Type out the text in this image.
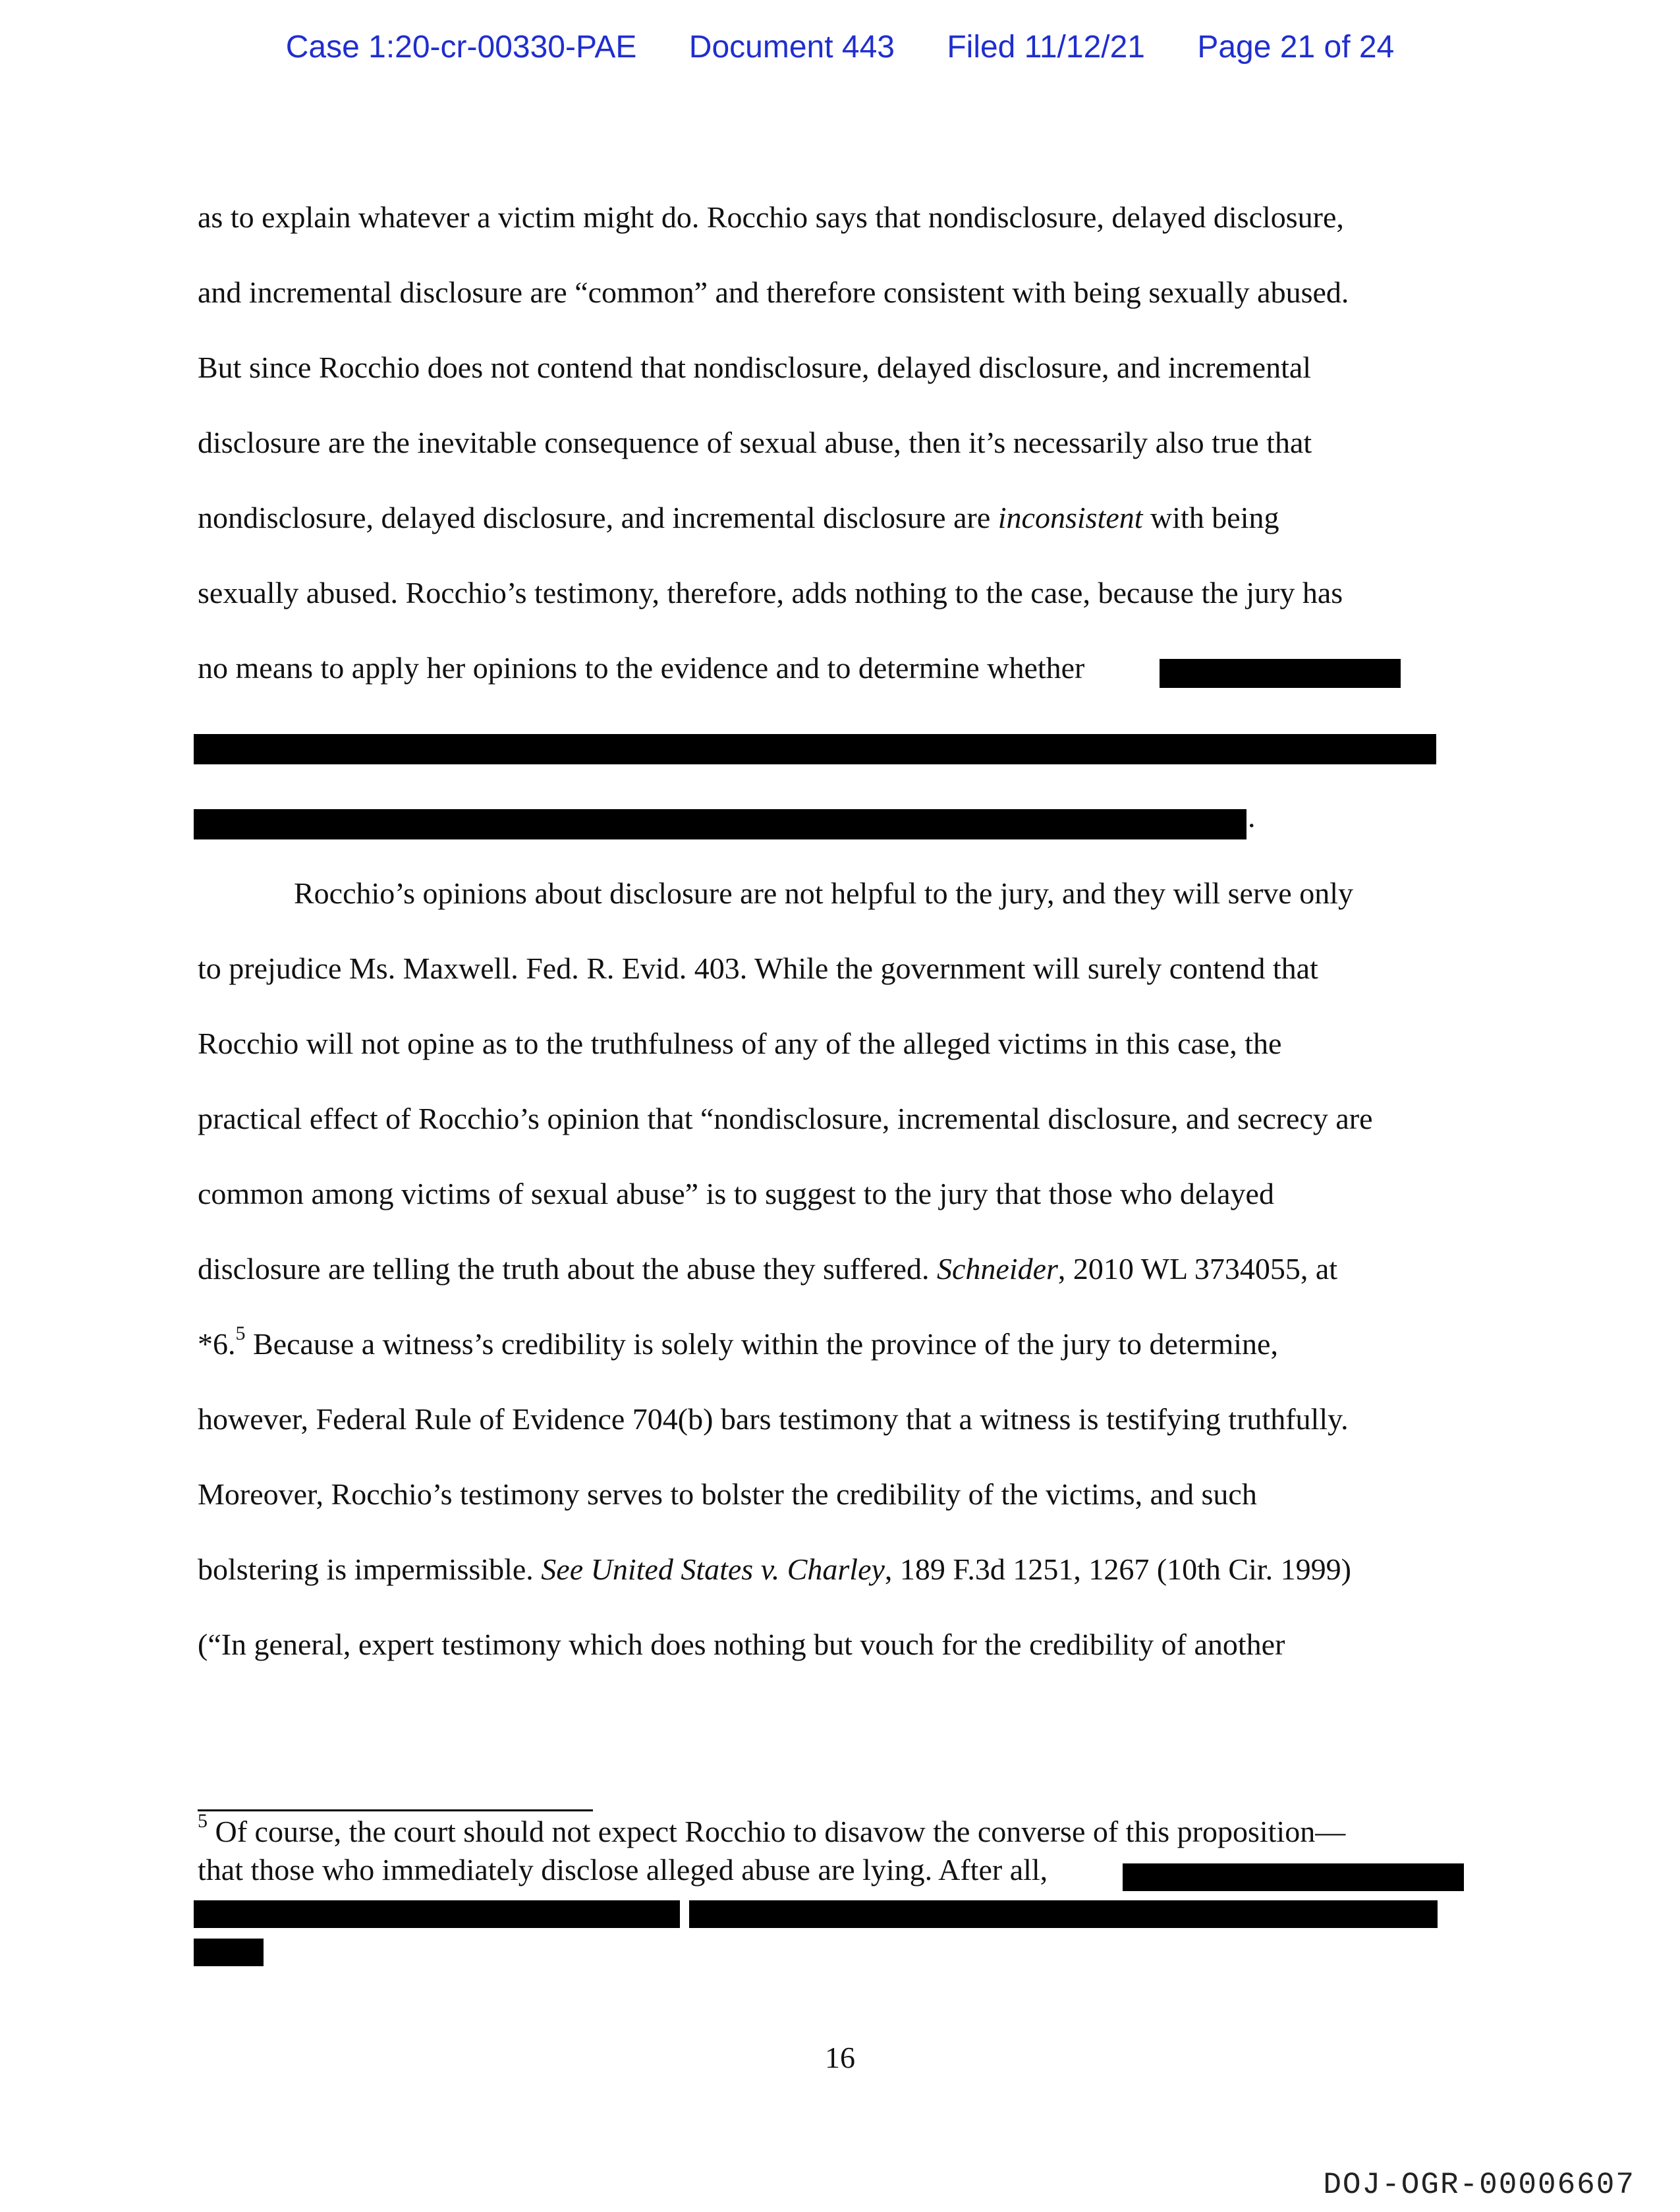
Case 1:20-cr-00330-PAE Document 443 Filed 11/12/21 Page 21 of 24
as to explain whatever a victim might do. Rocchio says that nondisclosure, delayed disclosure,
and incremental disclosure are “common” and therefore consistent with being sexually abused.
But since Rocchio does not contend that nondisclosure, delayed disclosure, and incremental
disclosure are the inevitable consequence of sexual abuse, then it’s necessarily also true that
nondisclosure, delayed disclosure, and incremental disclosure are inconsistent with being
sexually abused. Rocchio’s testimony, therefore, adds nothing to the case, because the jury has
no means to apply her opinions to the evidence and to determine whether
.
Rocchio’s opinions about disclosure are not helpful to the jury, and they will serve only
to prejudice Ms. Maxwell. Fed. R. Evid. 403. While the government will surely contend that
Rocchio will not opine as to the truthfulness of any of the alleged victims in this case, the
practical effect of Rocchio’s opinion that “nondisclosure, incremental disclosure, and secrecy are
common among victims of sexual abuse” is to suggest to the jury that those who delayed
disclosure are telling the truth about the abuse they suffered. Schneider, 2010 WL 3734055, at
*6.$^5$ Because a witness’s credibility is solely within the province of the jury to determine,
however, Federal Rule of Evidence 704(b) bars testimony that a witness is testifying truthfully.
Moreover, Rocchio’s testimony serves to bolster the credibility of the victims, and such
bolstering is impermissible. See United States v. Charley, 189 F.3d 1251, 1267 (10th Cir. 1999)
(“In general, expert testimony which does nothing but vouch for the credibility of another
$^5$ Of course, the court should not expect Rocchio to disavow the converse of this proposition—
that those who immediately disclose alleged abuse are lying. After all,
16
DOJ-OGR-00006607
